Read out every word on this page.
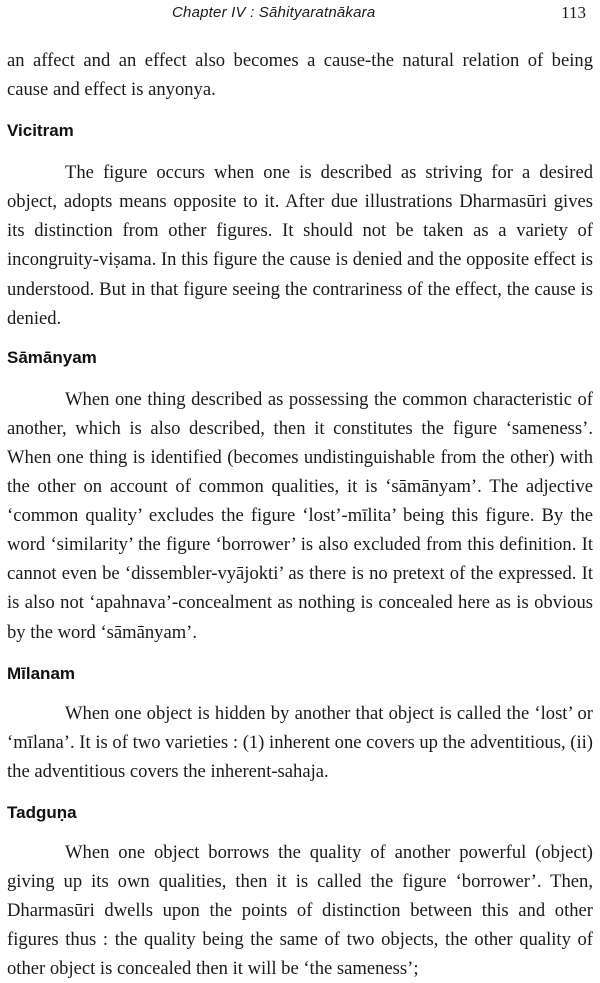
Chapter IV : Sāhityaratnākara	113

an affect and an effect also becomes a cause-the natural relation of being cause and effect is anyonya.

Vicitram

The figure occurs when one is described as striving for a desired object, adopts means opposite to it. After due illustrations Dharmasūri gives its distinction from other figures. It should not be taken as a variety of incongruity-viṣama. In this figure the cause is denied and the opposite effect is understood. But in that figure seeing the contrariness of the effect, the cause is denied.

Sāmānyam

When one thing described as possessing the common characteristic of another, which is also described, then it constitutes the figure ‘sameness’. When one thing is identified (becomes undistinguishable from the other) with the other on account of common qualities, it is ‘sāmānyam’. The adjective ‘common quality’ excludes the figure ‘lost’-mīlita’ being this figure. By the word ‘similarity’ the figure ‘borrower’ is also excluded from this definition. It cannot even be ‘dissembler-vyājokti’ as there is no pretext of the expressed. It is also not ‘apahnava’-concealment as nothing is concealed here as is obvious by the word ‘sāmānyam’.

Mīlanam

When one object is hidden by another that object is called the ‘lost’ or ‘mīlana’. It is of two varieties : (1) inherent one covers up the adventitious, (ii) the adventitious covers the inherent-sahaja.

Tadguṇa

When one object borrows the quality of another powerful (object) giving up its own qualities, then it is called the figure ‘borrower’. Then, Dharmasūri dwells upon the points of distinction between this and other figures thus : the quality being the same of two objects, the other quality of other object is concealed then it will be ‘the sameness’;
